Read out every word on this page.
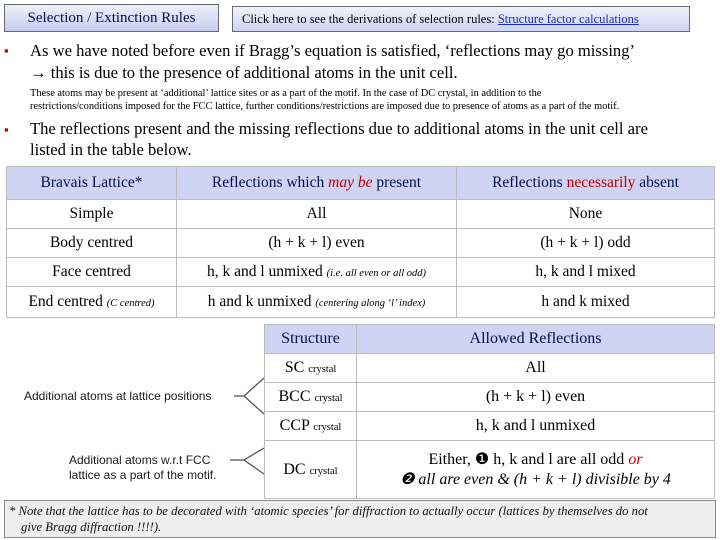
Selection / Extinction Rules	Click here to see the derivations of selection rules: Structure factor calculations
▪ As we have noted before even if Bragg’s equation is satisfied, ‘reflections may go missing’
→ this is due to the presence of additional atoms in the unit cell.
These atoms may be present at ‘additional’ lattice sites or as a part of the motif. In the case of DC crystal, in addition to the
restrictions/conditions imposed for the FCC lattice, further conditions/restrictions are imposed due to presence of atoms as a part of the motif.
▪ The reflections present and the missing reflections due to additional atoms in the unit cell are
listed in the table below.
Bravais Lattice*	Reflections which may be present	Reflections necessarily absent
Simple	All	None
Body centred	(h + k + l) even	(h + k + l) odd
Face centred	h, k and l unmixed (i.e. all even or all odd)	h, k and l mixed
End centred (C centred)	h and k unmixed (centering along ‘l’ index)	h and k mixed
Structure	Allowed Reflections
SC crystal	All
BCC crystal	(h + k + l) even
CCP crystal	h, k and l unmixed
DC crystal	Either, ❶ h, k and l are all odd or
❷ all are even & (h + k + l) divisible by 4
Additional atoms at lattice positions
Additional atoms w.r.t FCC
lattice as a part of the motif.
* Note that the lattice has to be decorated with ‘atomic species’ for diffraction to actually occur (lattices by themselves do not
give Bragg diffraction !!!!).
